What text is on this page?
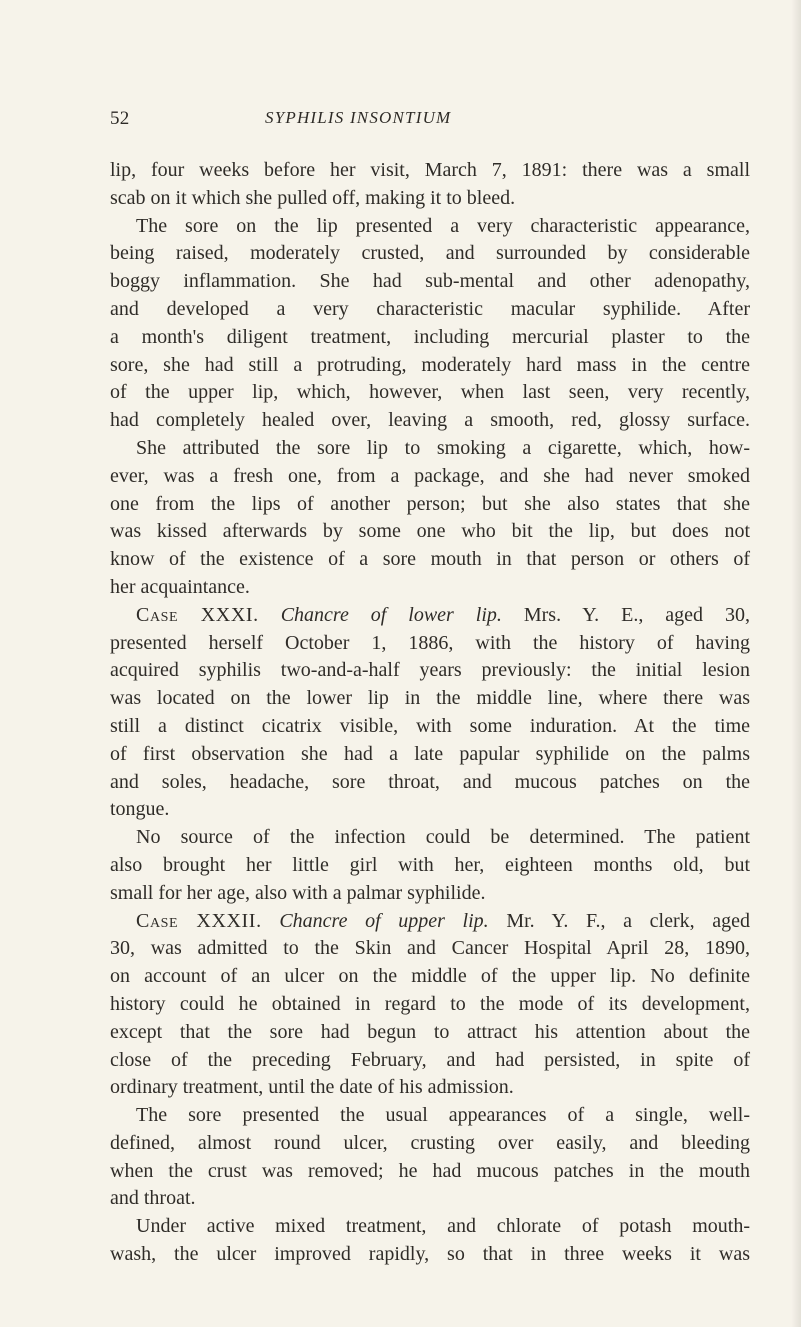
52	SYPHILIS INSONTIUM
lip, four weeks before her visit, March 7, 1891: there was a small
scab on it which she pulled off, making it to bleed.
The sore on the lip presented a very characteristic appearance,
being raised, moderately crusted, and surrounded by considerable
boggy inflammation. She had sub-mental and other adenopathy,
and developed a very characteristic macular syphilide. After
a month's diligent treatment, including mercurial plaster to the
sore, she had still a protruding, moderately hard mass in the centre
of the upper lip, which, however, when last seen, very recently,
had completely healed over, leaving a smooth, red, glossy surface.
She attributed the sore lip to smoking a cigarette, which, how-
ever, was a fresh one, from a package, and she had never smoked
one from the lips of another person; but she also states that she
was kissed afterwards by some one who bit the lip, but does not
know of the existence of a sore mouth in that person or others of
her acquaintance.
Case XXXI. Chancre of lower lip. Mrs. Y. E., aged 30,
presented herself October 1, 1886, with the history of having
acquired syphilis two-and-a-half years previously: the initial lesion
was located on the lower lip in the middle line, where there was
still a distinct cicatrix visible, with some induration. At the time
of first observation she had a late papular syphilide on the palms
and soles, headache, sore throat, and mucous patches on the
tongue.
No source of the infection could be determined. The patient
also brought her little girl with her, eighteen months old, but
small for her age, also with a palmar syphilide.
Case XXXII. Chancre of upper lip. Mr. Y. F., a clerk, aged
30, was admitted to the Skin and Cancer Hospital April 28, 1890,
on account of an ulcer on the middle of the upper lip. No definite
history could he obtained in regard to the mode of its development,
except that the sore had begun to attract his attention about the
close of the preceding February, and had persisted, in spite of
ordinary treatment, until the date of his admission.
The sore presented the usual appearances of a single, well-
defined, almost round ulcer, crusting over easily, and bleeding
when the crust was removed; he had mucous patches in the mouth
and throat.
Under active mixed treatment, and chlorate of potash mouth-
wash, the ulcer improved rapidly, so that in three weeks it was
